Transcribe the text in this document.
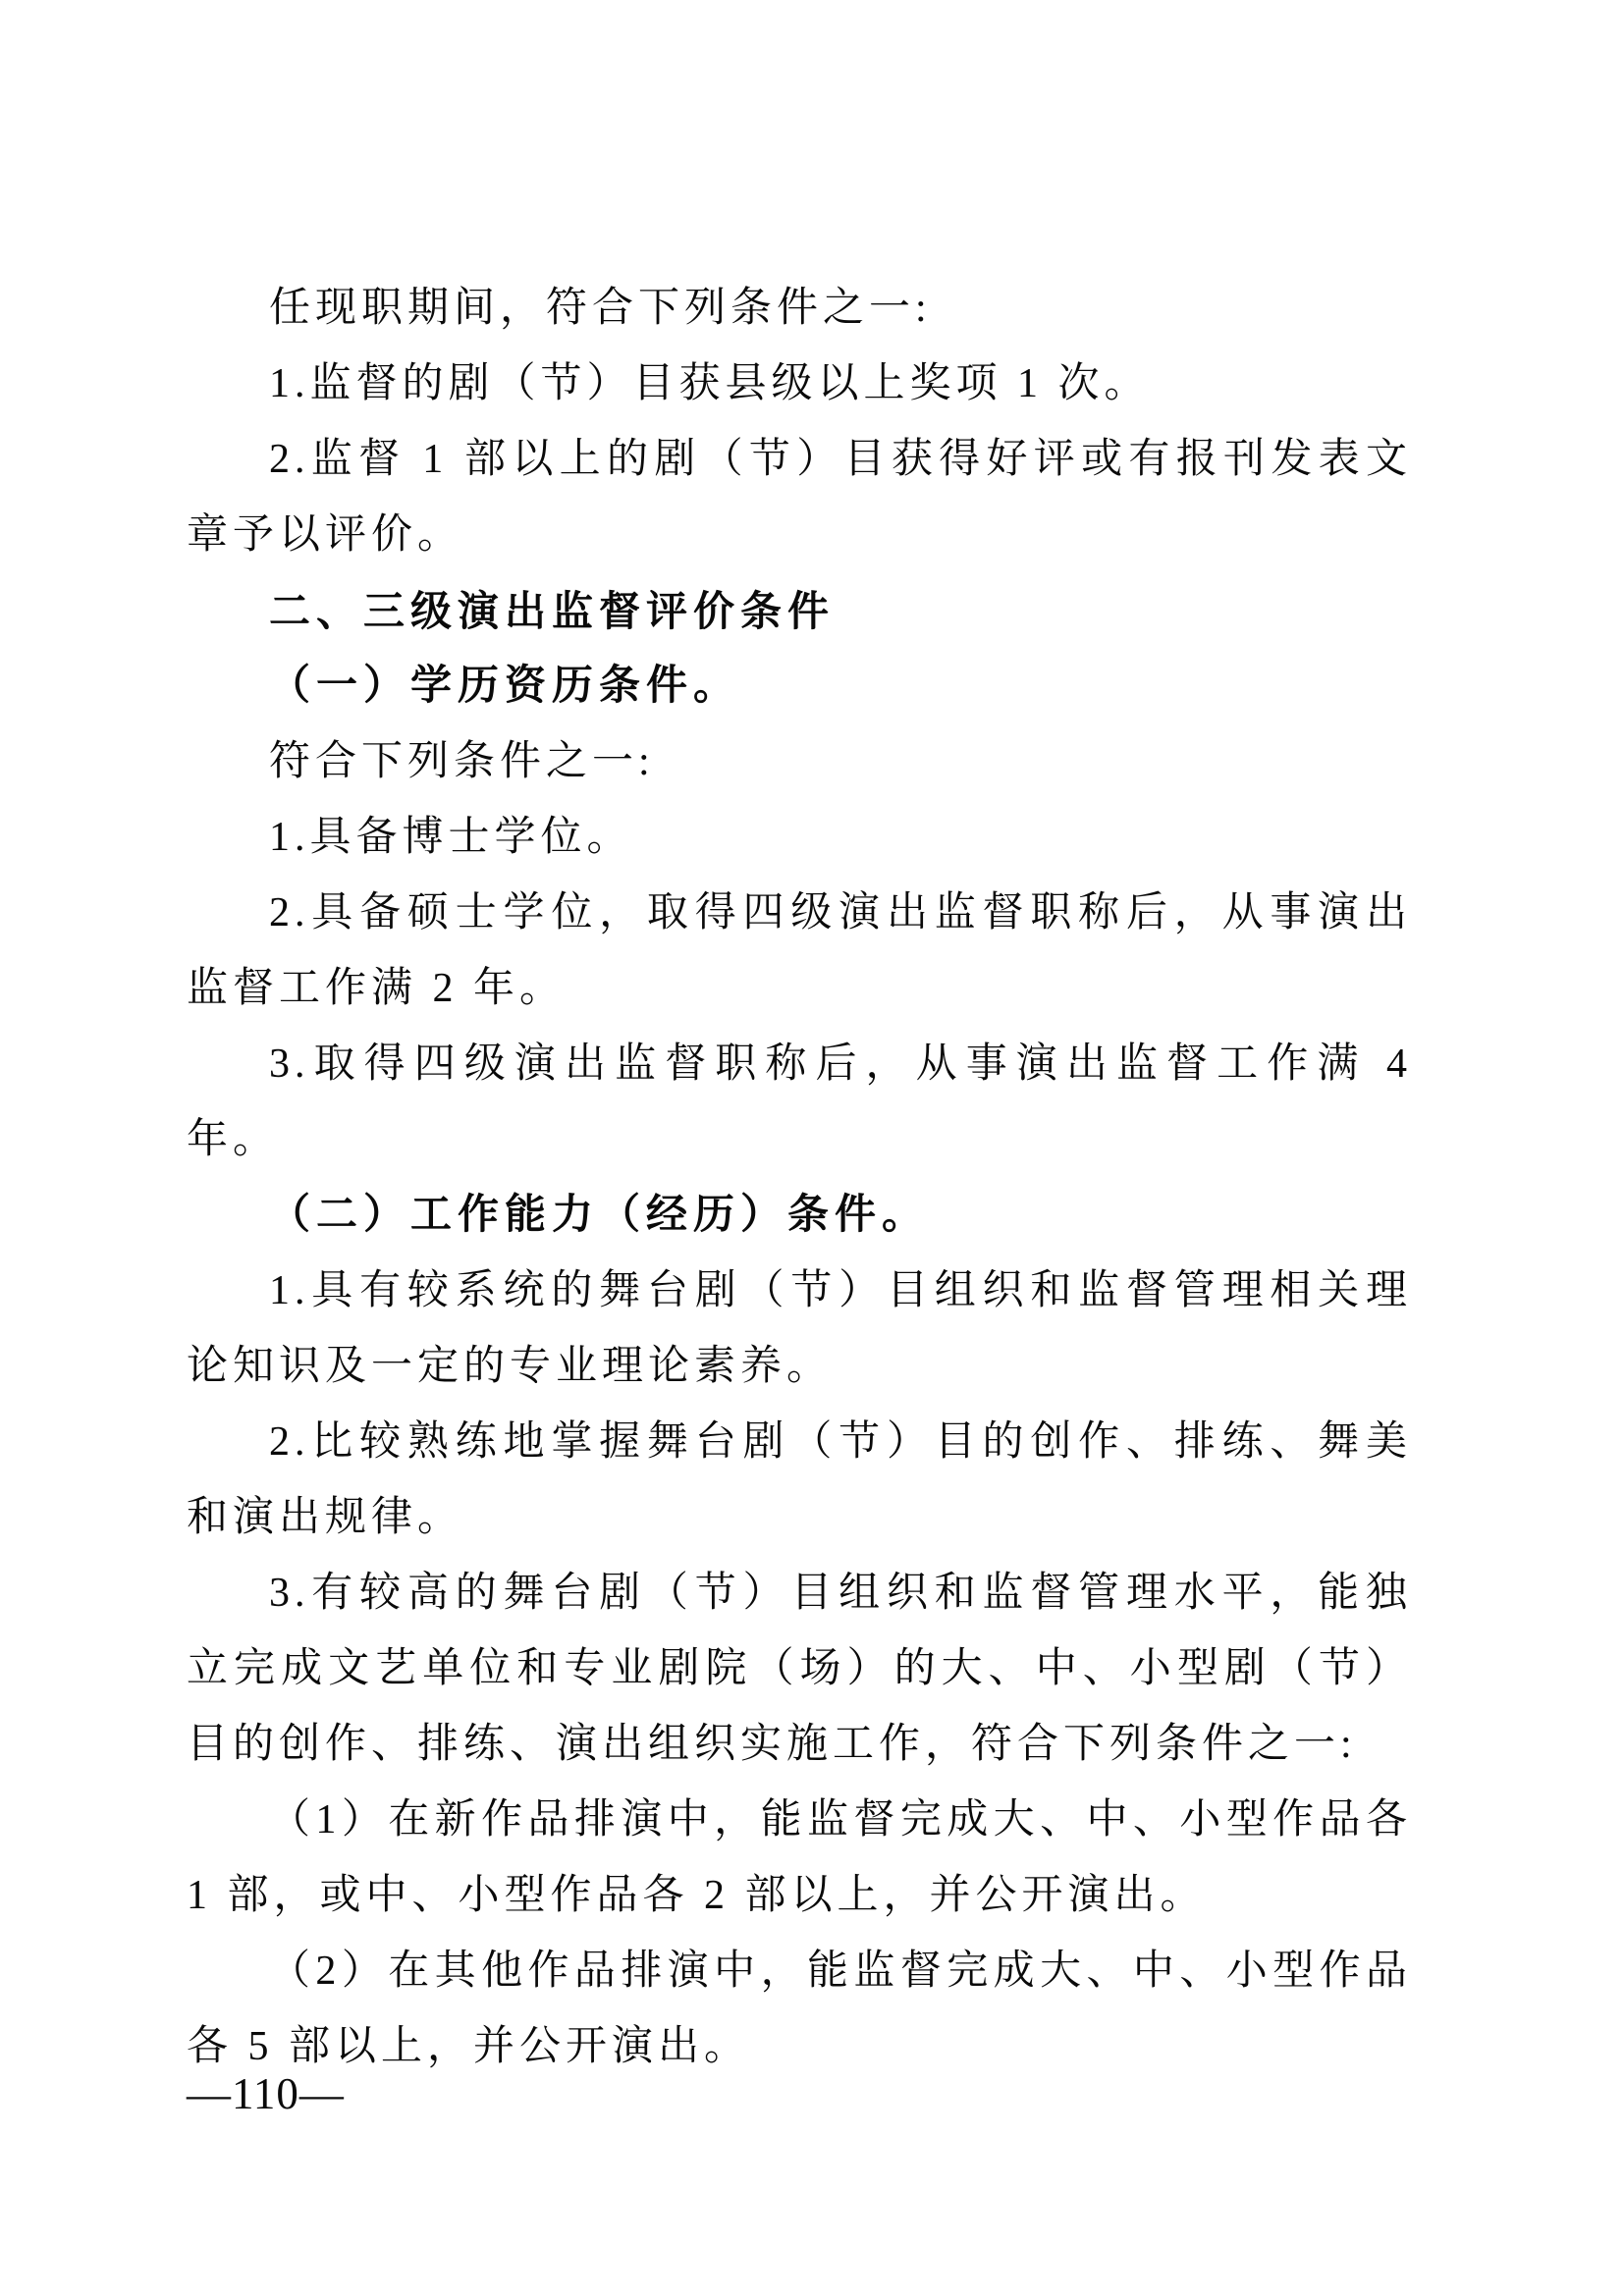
任现职期间，符合下列条件之一:

1.监督的剧（节）目获县级以上奖项 1 次。

2.监督 1 部以上的剧（节）目获得好评或有报刊发表文章予以评价。

二、三级演出监督评价条件

（一）学历资历条件。

符合下列条件之一:

1.具备博士学位。

2.具备硕士学位，取得四级演出监督职称后，从事演出监督工作满 2 年。

3.取得四级演出监督职称后，从事演出监督工作满 4 年。

（二）工作能力（经历）条件。

1.具有较系统的舞台剧（节）目组织和监督管理相关理论知识及一定的专业理论素养。

2.比较熟练地掌握舞台剧（节）目的创作、排练、舞美和演出规律。

3.有较高的舞台剧（节）目组织和监督管理水平，能独立完成文艺单位和专业剧院（场）的大、中、小型剧（节）目的创作、排练、演出组织实施工作，符合下列条件之一:

（1）在新作品排演中，能监督完成大、中、小型作品各 1 部，或中、小型作品各 2 部以上，并公开演出。

（2）在其他作品排演中，能监督完成大、中、小型作品各 5 部以上，并公开演出。

—110—
